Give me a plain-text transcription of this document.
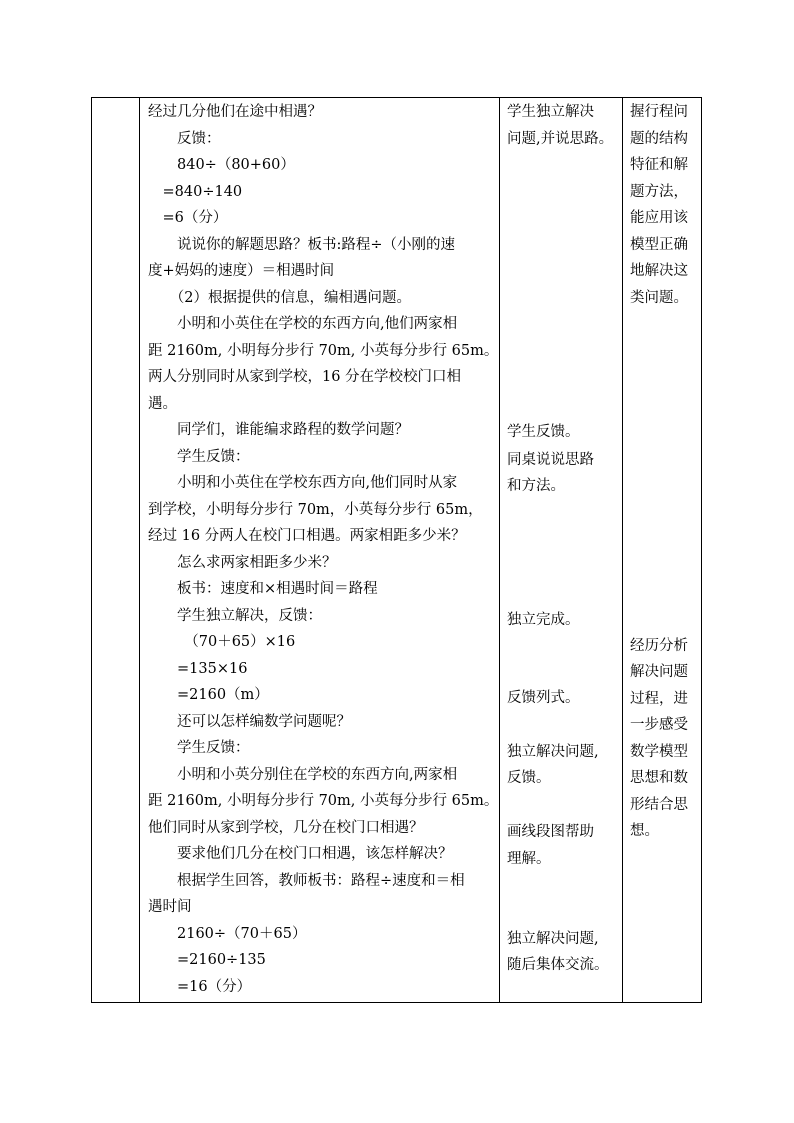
经过几分他们在途中相遇？
　　反馈：
　　840÷（80+60）
　=840÷140
　=6（分）
　　说说你的解题思路？板书:路程÷（小刚的速
度+妈妈的速度）＝相遇时间
　　（2）根据提供的信息，编相遇问题。
　　小明和小英住在学校的东西方向,他们两家相
距 2160m, 小明每分步行 70m, 小英每分步行 65m。
两人分别同时从家到学校，16 分在学校校门口相
遇。
　　同学们，谁能编求路程的数学问题？
　　学生反馈：
　　小明和小英住在学校东西方向,他们同时从家
到学校，小明每分步行 70m，小英每分步行 65m，
经过 16 分两人在校门口相遇。两家相距多少米？
　　怎么求两家相距多少米？
　　板书：速度和×相遇时间＝路程
　　学生独立解决，反馈：
　　　（70＋65）×16
　　=135×16
　　=2160（m）
　　还可以怎样编数学问题呢？
　　学生反馈：
　　小明和小英分别住在学校的东西方向,两家相
距 2160m, 小明每分步行 70m, 小英每分步行 65m。
他们同时从家到学校，几分在校门口相遇？
　　要求他们几分在校门口相遇，该怎样解决？
　　根据学生回答，教师板书：路程÷速度和＝相
遇时间
　　2160÷（70＋65）
　　=2160÷135
　　=16（分）
学生独立解决
问题,并说思路。
学生反馈。
同桌说说思路
和方法。
独立完成。
反馈列式。
独立解决问题,
反馈。
画线段图帮助
理解。
独立解决问题,
随后集体交流。
握行程问
题的结构
特征和解
题方法，
能应用该
模型正确
地解决这
类问题。
经历分析
解决问题
过程，进
一步感受
数学模型
思想和数
形结合思
想。
